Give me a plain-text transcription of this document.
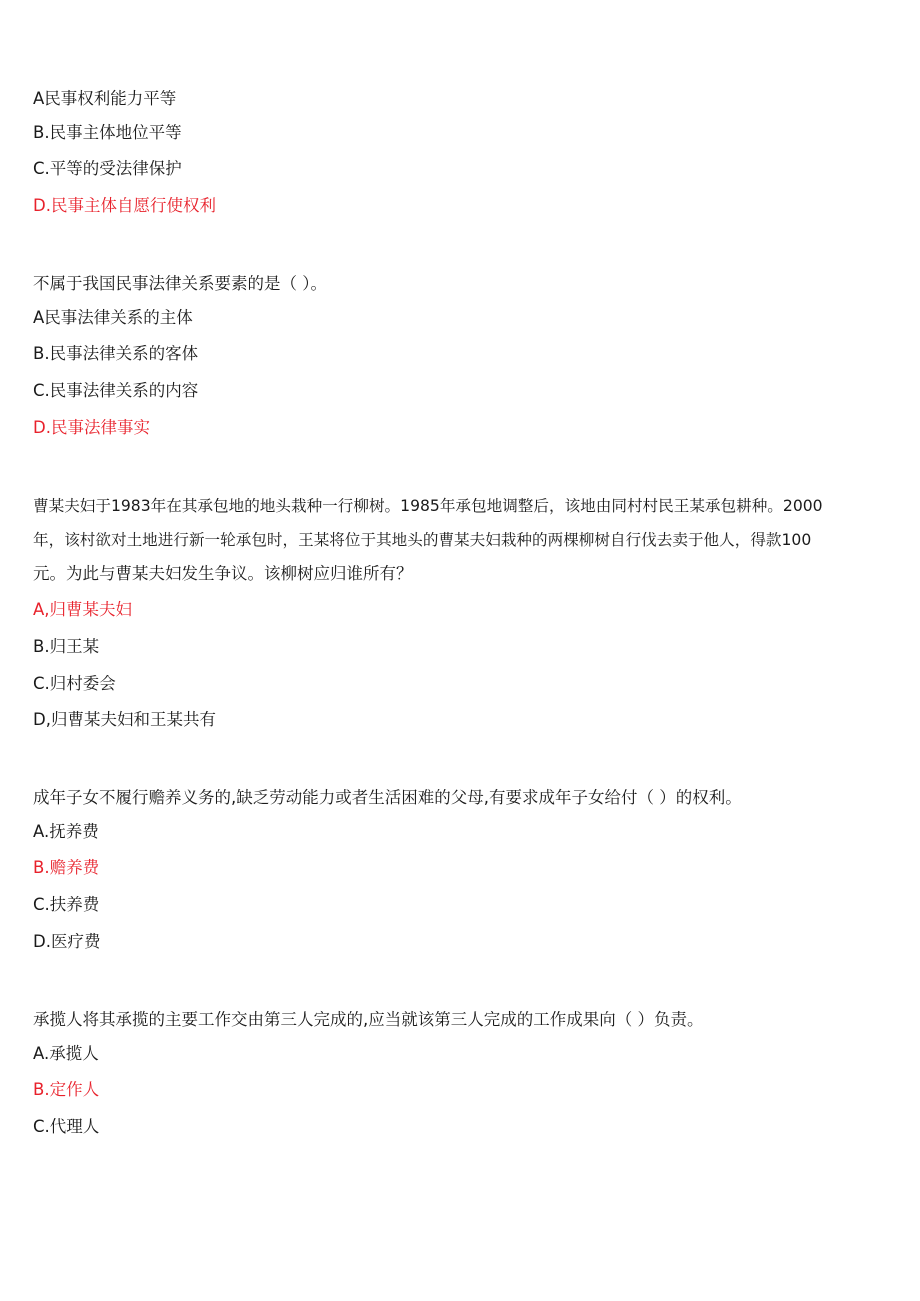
A民事权利能力平等

B.民事主体地位平等

C.平等的受法律保护

D.民事主体自愿行使权利

不属于我国民事法律关系要素的是（ ）。

A民事法律关系的主体

B.民事法律关系的客体

C.民事法律关系的内容

D.民事法律事实

曹某夫妇于1983年在其承包地的地头栽种一行柳树。1985年承包地调整后，该地由同村村民王某承包耕种。2000

年，该村欲对土地进行新一轮承包时，王某将位于其地头的曹某夫妇栽种的两棵柳树自行伐去卖于他人，得款100

元。为此与曹某夫妇发生争议。该柳树应归谁所有？

A,归曹某夫妇

B.归王某

C.归村委会

D,归曹某夫妇和王某共有

成年子女不履行赡养义务的,缺乏劳动能力或者生活困难的父母,有要求成年子女给付（ ）的权利。

A.抚养费

B.赡养费

C.扶养费

D.医疗费

承揽人将其承揽的主要工作交由第三人完成的,应当就该第三人完成的工作成果向（ ）负责。

A.承揽人

B.定作人

C.代理人
